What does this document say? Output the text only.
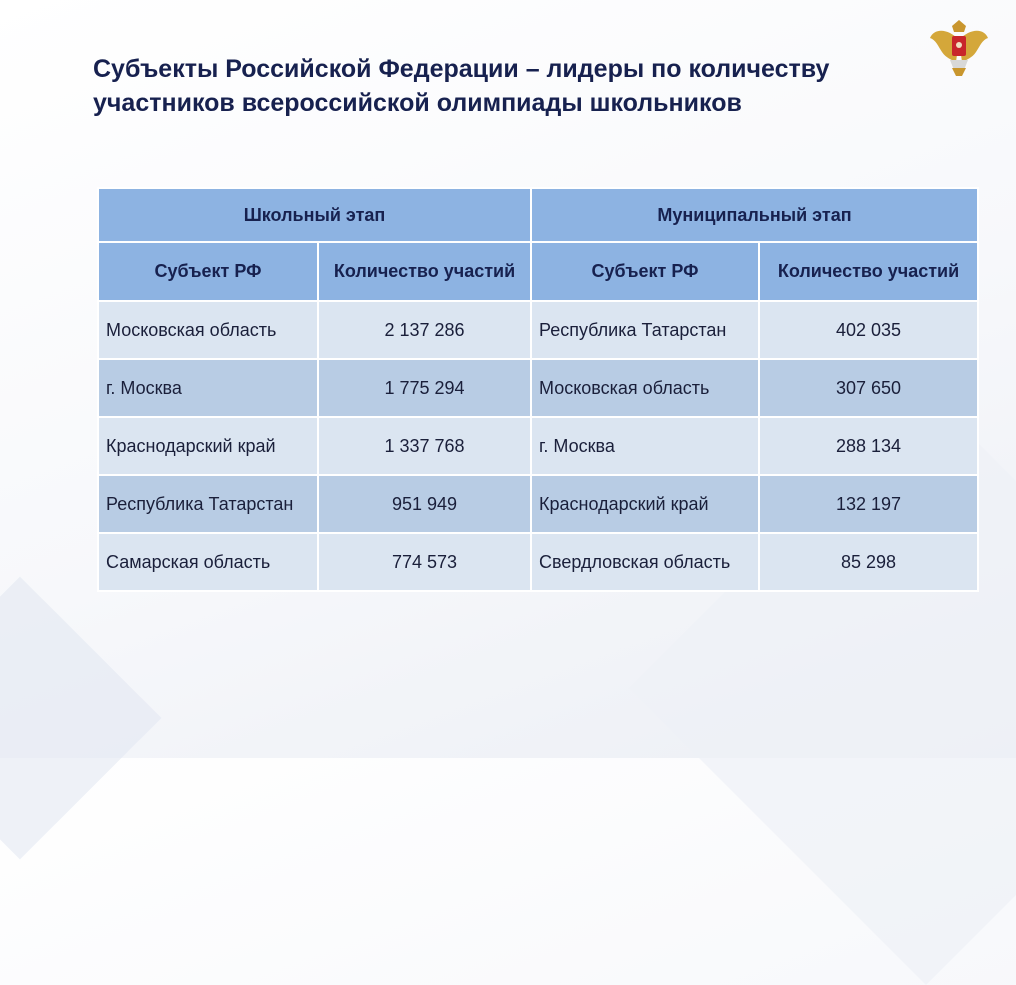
Субъекты Российской Федерации – лидеры по количеству участников всероссийской олимпиады школьников
Школьный этап		Муниципальный этап	
Субъект РФ	Количество участий	Субъект РФ	Количество участий
Московская область	2 137 286	Республика Татарстан	402 035
г. Москва	1 775 294	Московская область	307 650
Краснодарский край	1 337 768	г. Москва	288 134
Республика Татарстан	951 949	Краснодарский край	132 197
Самарская область	774 573	Свердловская область	85 298
